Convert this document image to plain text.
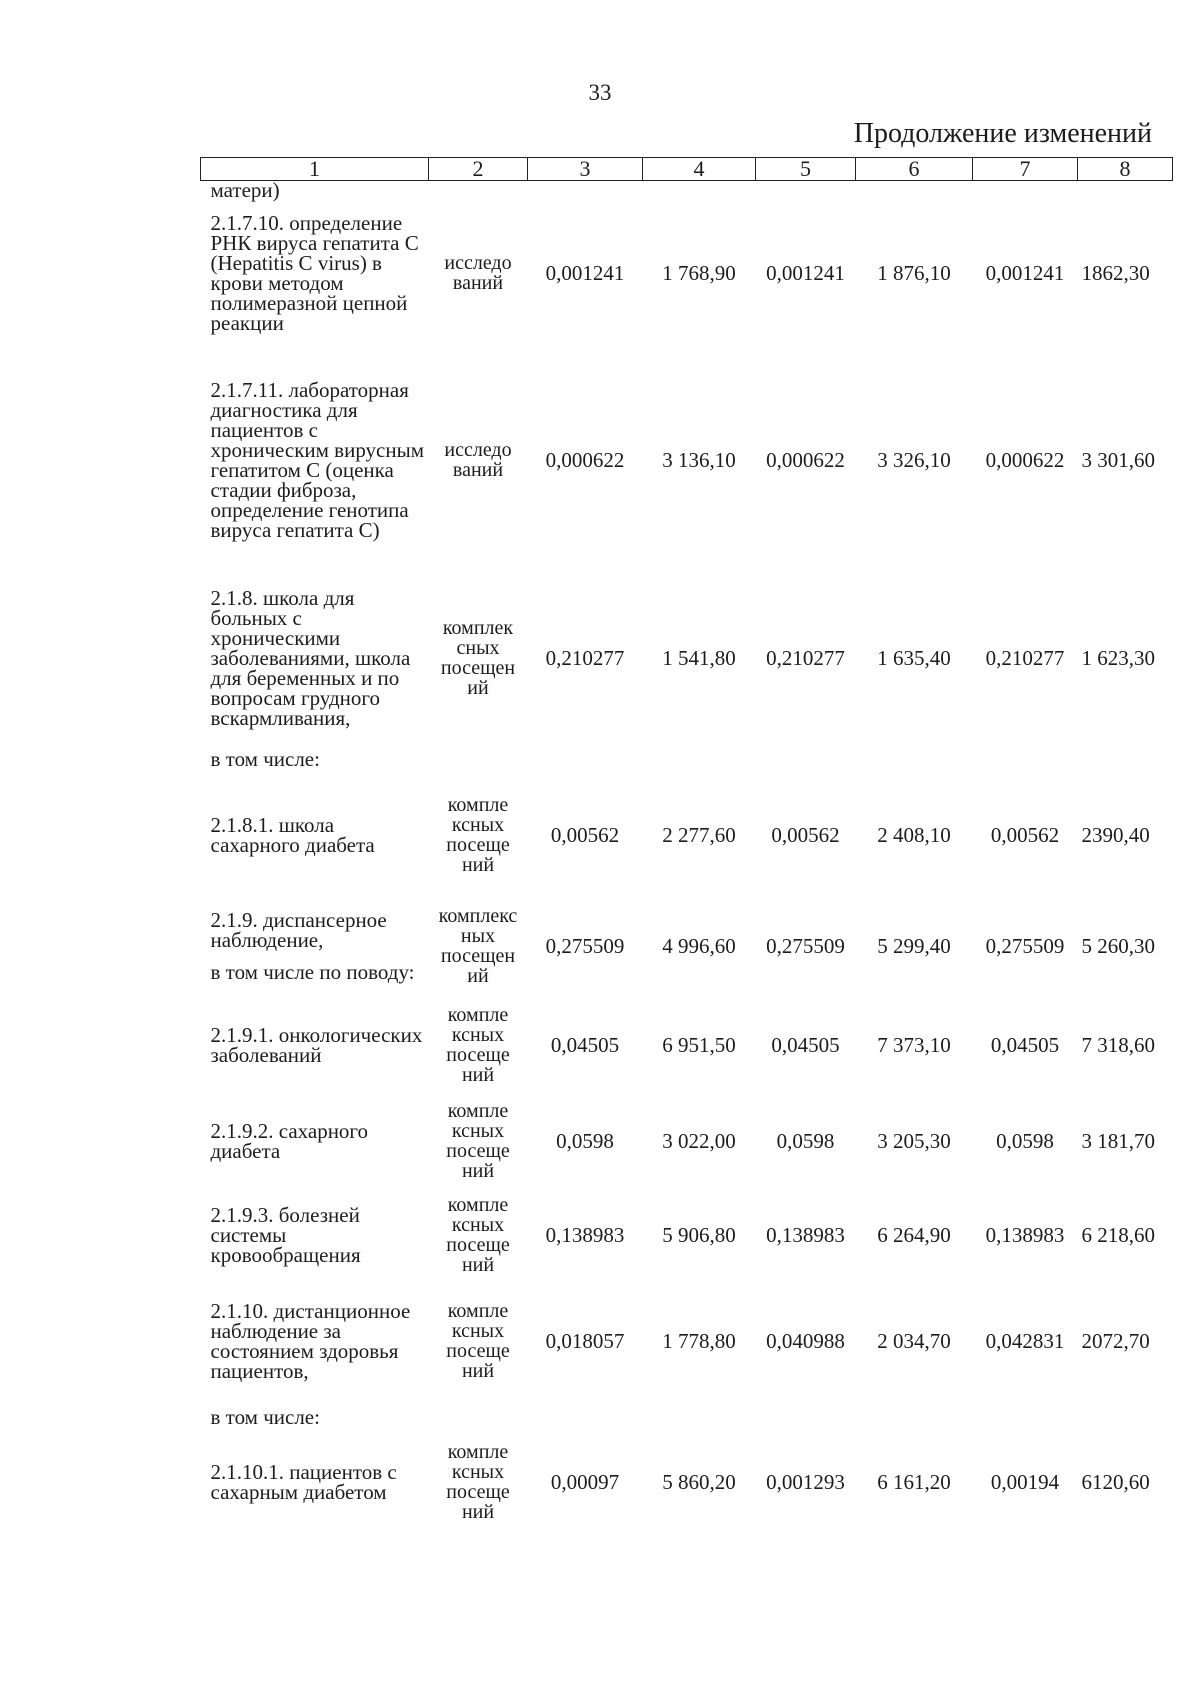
33
Продолжение изменений
1	2	3	4	5	6	7	8
матери)							
2.1.7.10. определение РНК вируса гепатита C (Hepatitis C virus) в крови методом полимеразной цепной реакции	исследо ваний	0,001241	1 768,90	0,001241	1 876,10	0,001241	1862,30
2.1.7.11. лабораторная диагностика для пациентов с хроническим вирусным гепатитом C (оценка стадии фиброза, определение генотипа вируса гепатита C)	исследо ваний	0,000622	3 136,10	0,000622	3 326,10	0,000622	3 301,60
2.1.8. школа для больных с хроническими заболеваниями, школа для беременных и по вопросам грудного вскармливания,	комплек сных посещен ий	0,210277	1 541,80	0,210277	1 635,40	0,210277	1 623,30
в том числе:							
2.1.8.1. школа сахарного диабета	компле ксных посеще ний	0,00562	2 277,60	0,00562	2 408,10	0,00562	2390,40
2.1.9. диспансерное наблюдение,
в том числе по поводу:	комплекс ных посещен ий	0,275509	4 996,60	0,275509	5 299,40	0,275509	5 260,30
2.1.9.1. онкологических заболеваний	компле ксных посеще ний	0,04505	6 951,50	0,04505	7 373,10	0,04505	7 318,60
2.1.9.2. сахарного диабета	компле ксных посеще ний	0,0598	3 022,00	0,0598	3 205,30	0,0598	3 181,70
2.1.9.3. болезней системы кровообращения	компле ксных посеще ний	0,138983	5 906,80	0,138983	6 264,90	0,138983	6 218,60
2.1.10. дистанционное наблюдение за состоянием здоровья пациентов,	компле ксных посеще ний	0,018057	1 778,80	0,040988	2 034,70	0,042831	2072,70
в том числе:							
2.1.10.1. пациентов с сахарным диабетом	компле ксных посеще ний	0,00097	5 860,20	0,001293	6 161,20	0,00194	6120,60
